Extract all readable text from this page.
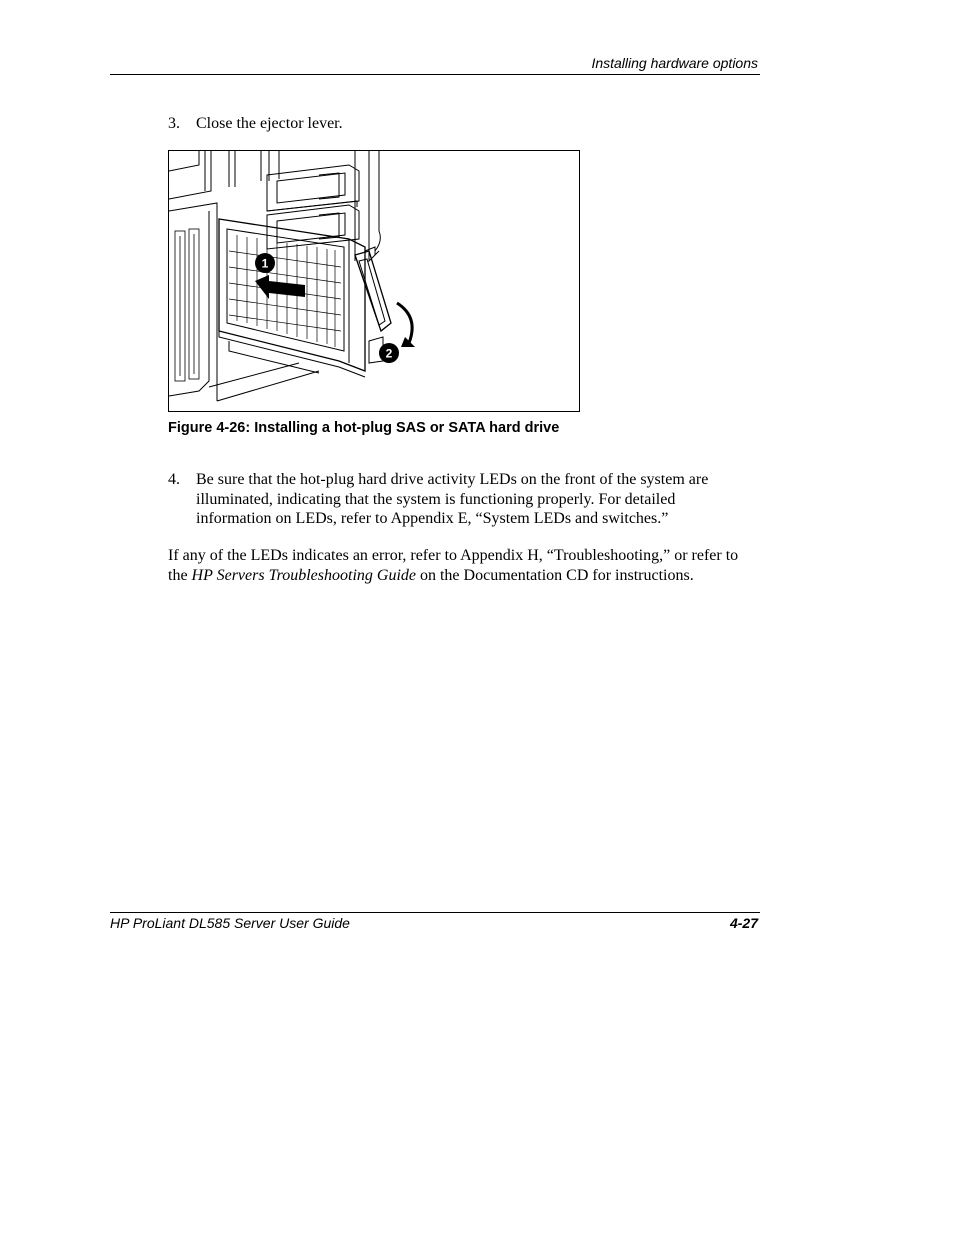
Installing hardware options
3. Close the ejector lever.
1
2
Figure 4-26: Installing a hot-plug SAS or SATA hard drive
4. Be sure that the hot-plug hard drive activity LEDs on the front of the system are illuminated, indicating that the system is functioning properly. For detailed information on LEDs, refer to Appendix E, “System LEDs and switches.”
If any of the LEDs indicates an error, refer to Appendix H, “Troubleshooting,” or refer to the HP Servers Troubleshooting Guide on the Documentation CD for instructions.
HP ProLiant DL585 Server User Guide	4-27
